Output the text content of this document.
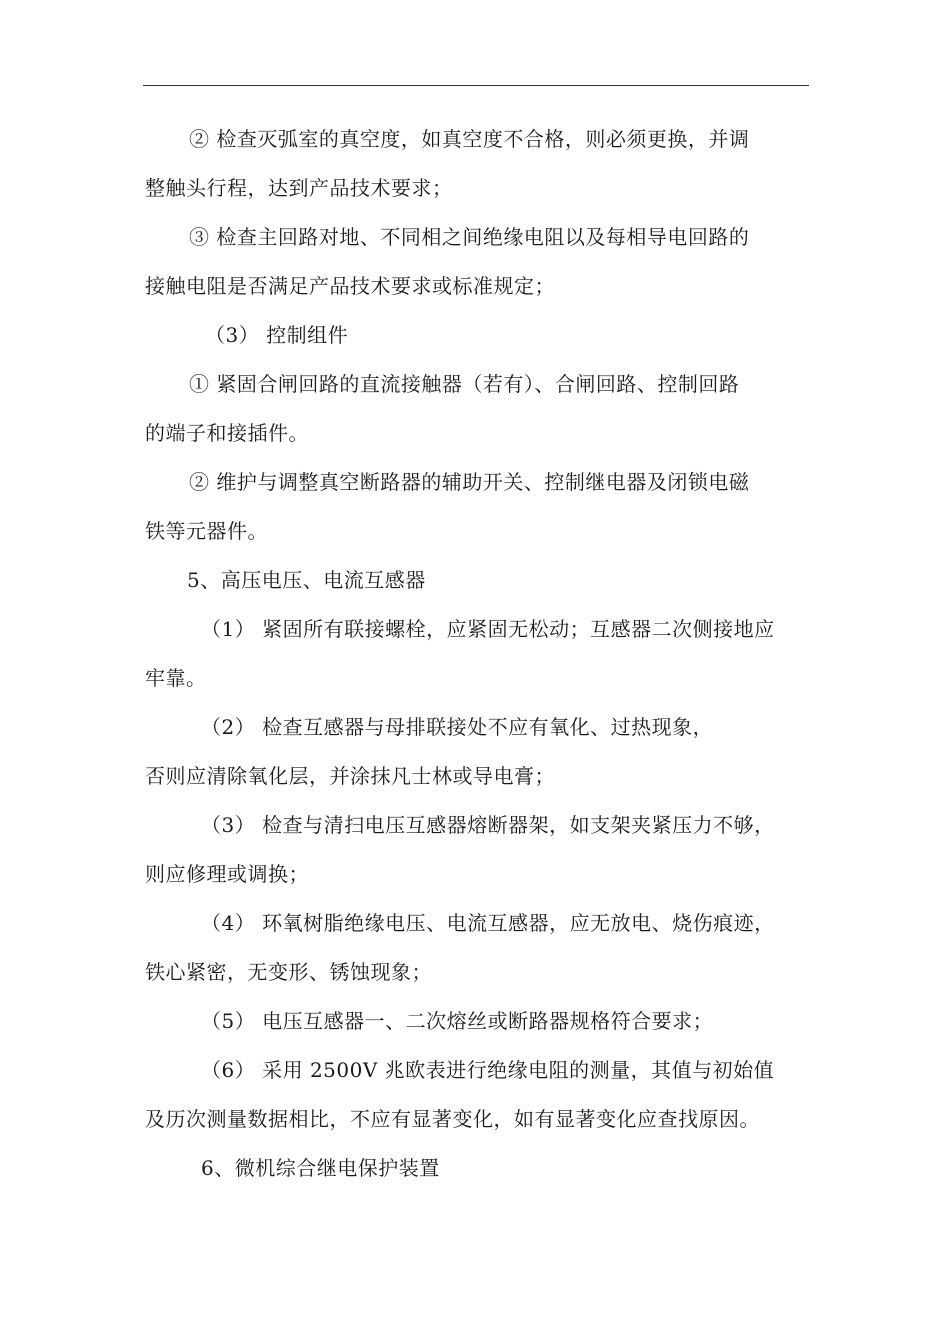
② 检查灭弧室的真空度，如真空度不合格，则必须更换，并调

整触头行程，达到产品技术要求；

③ 检查主回路对地、不同相之间绝缘电阻以及每相导电回路的

接触电阻是否满足产品技术要求或标准规定；

（3） 控制组件

① 紧固合闸回路的直流接触器（若有）、合闸回路、控制回路

的端子和接插件。

② 维护与调整真空断路器的辅助开关、控制继电器及闭锁电磁

铁等元器件。

5、高压电压、电流互感器

（1） 紧固所有联接螺栓，应紧固无松动；互感器二次侧接地应

牢靠。

（2） 检查互感器与母排联接处不应有氧化、过热现象，

否则应清除氧化层，并涂抹凡士林或导电膏；

（3） 检查与清扫电压互感器熔断器架，如支架夹紧压力不够，

则应修理或调换；

（4） 环氧树脂绝缘电压、电流互感器，应无放电、烧伤痕迹，

铁心紧密，无变形、锈蚀现象；

（5） 电压互感器一、二次熔丝或断路器规格符合要求；

（6） 采用 2500V 兆欧表进行绝缘电阻的测量，其值与初始值

及历次测量数据相比，不应有显著变化，如有显著变化应查找原因。

6、微机综合继电保护装置
